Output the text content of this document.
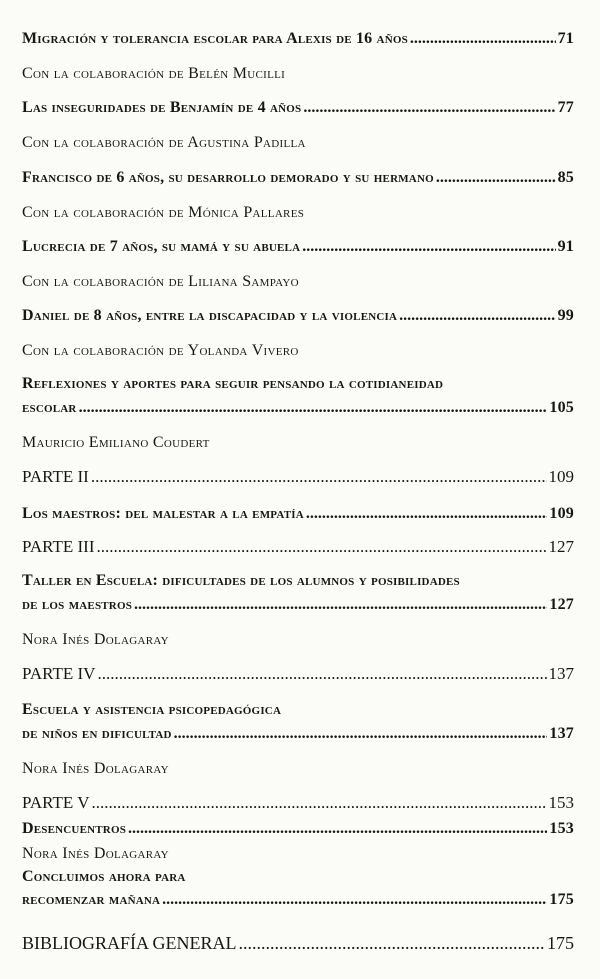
Migración y tolerancia escolar para Alexis de 16 años .....	71
Con la colaboración de Belén Mucilli
Las inseguridades de Benjamín de 4 años .....	77
Con la colaboración de Agustina Padilla
Francisco de 6 años, su desarrollo demorado y su hermano .....	85
Con la colaboración de Mónica Pallares
Lucrecia de 7 años, su mamá y su abuela .....	91
Con la colaboración de Liliana Sampayo
Daniel de 8 años, entre la discapacidad y la violencia .....	99
Con la colaboración de Yolanda Vivero
Reflexiones y aportes para seguir pensando la cotidianeidad
escolar .....	105
Mauricio Emiliano Coudert
PARTE II .....	109
Los maestros: del malestar a la empatía .....	109
PARTE III .....	127
Taller en Escuela: dificultades de los alumnos y posibilidades
de los maestros .....	127
Nora Inés Dolagaray
PARTE IV .....	137
Escuela y asistencia psicopedagógica
de niños en dificultad .....	137
Nora Inés Dolagaray
PARTE V .....	153
Desencuentros .....	153
Nora Inés Dolagaray
Concluimos ahora para
recomenzar mañana .....	175
BIBLIOGRAFÍA GENERAL .....	175
